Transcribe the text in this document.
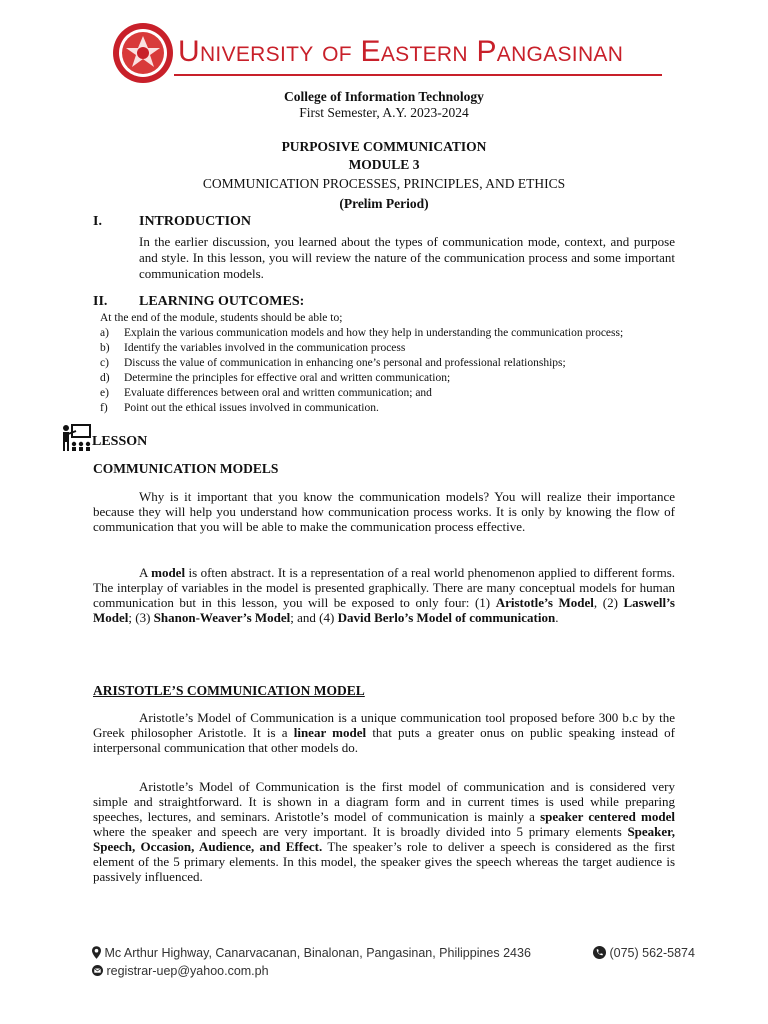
University of Eastern Pangasinan
College of Information Technology
First Semester, A.Y. 2023-2024
PURPOSIVE COMMUNICATION
MODULE 3
COMMUNICATION PROCESSES, PRINCIPLES, AND ETHICS
(Prelim Period)
I.	INTRODUCTION
In the earlier discussion, you learned about the types of communication mode, context, and purpose and style. In this lesson, you will review the nature of the communication process and some important communication models.
II. LEARNING OUTCOMES:
At the end of the module, students should be able to;
a) Explain the various communication models and how they help in understanding the communication process;
b) Identify the variables involved in the communication process
c) Discuss the value of communication in enhancing one’s personal and professional relationships;
d) Determine the principles for effective oral and written communication;
e) Evaluate differences between oral and written communication; and
f) Point out the ethical issues involved in communication.
LESSON
COMMUNICATION MODELS
Why is it important that you know the communication models? You will realize their importance because they will help you understand how communication process works. It is only by knowing the flow of communication that you will be able to make the communication process effective.
A model is often abstract. It is a representation of a real world phenomenon applied to different forms. The interplay of variables in the model is presented graphically. There are many conceptual models for human communication but in this lesson, you will be exposed to only four: (1) Aristotle’s Model, (2) Laswell’s Model; (3) Shanon-Weaver’s Model; and (4) David Berlo’s Model of communication.
ARISTOTLE’S COMMUNICATION MODEL
Aristotle’s Model of Communication is a unique communication tool proposed before 300 b.c by the Greek philosopher Aristotle. It is a linear model that puts a greater onus on public speaking instead of interpersonal communication that other models do.
Aristotle’s Model of Communication is the first model of communication and is considered very simple and straightforward. It is shown in a diagram form and in current times is used while preparing speeches, lectures, and seminars. Aristotle’s model of communication is mainly a speaker centered model where the speaker and speech are very important. It is broadly divided into 5 primary elements Speaker, Speech, Occasion, Audience, and Effect. The speaker’s role to deliver a speech is considered as the first element of the 5 primary elements. In this model, the speaker gives the speech whereas the target audience is passively influenced.
Mc Arthur Highway, Canarvacanan, Binalonan, Pangasinan, Philippines 2436	(075) 562-5874
registrar-uep@yahoo.com.ph
